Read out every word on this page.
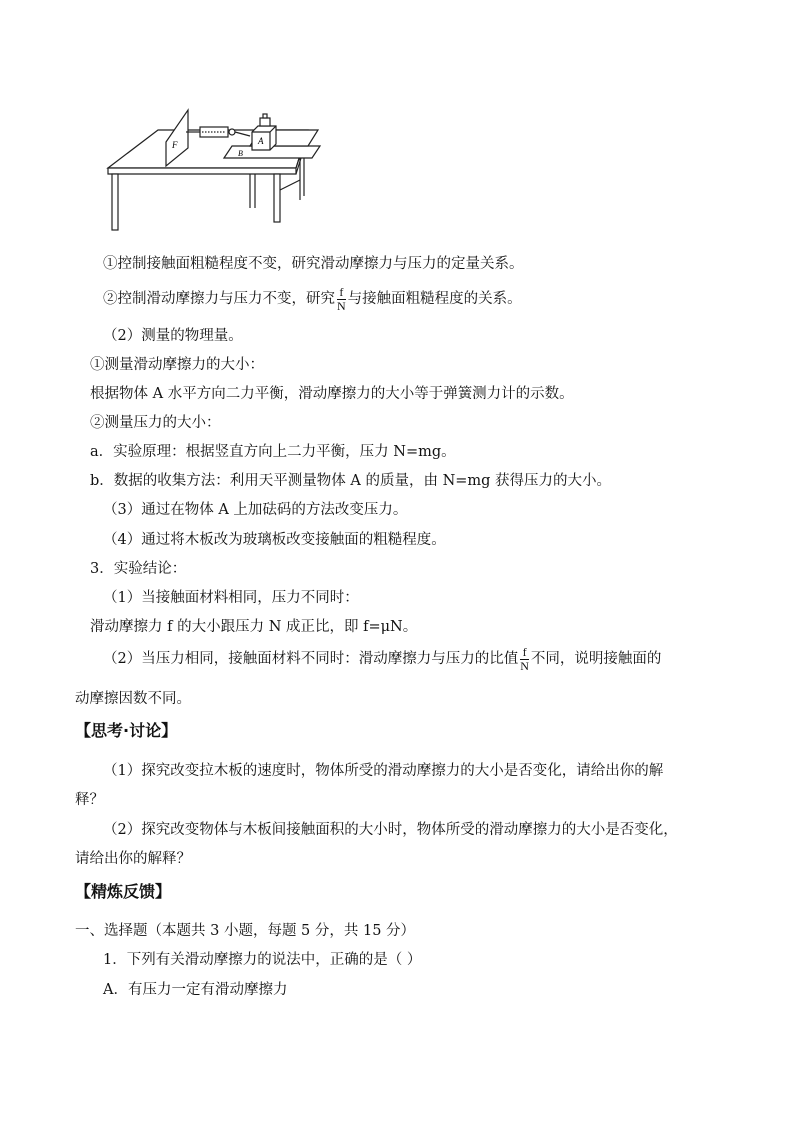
F	A
B
①控制接触面粗糙程度不变，研究滑动摩擦力与压力的定量关系。
②控制滑动摩擦力与压力不变，研究 $\frac{f}{N}$ 与接触面粗糙程度的关系。
（2）测量的物理量。
①测量滑动摩擦力的大小：
根据物体 A 水平方向二力平衡，滑动摩擦力的大小等于弹簧测力计的示数。
②测量压力的大小：
a．实验原理：根据竖直方向上二力平衡，压力 N=mg。
b．数据的收集方法：利用天平测量物体 A 的质量，由 N=mg 获得压力的大小。
（3）通过在物体 A 上加砝码的方法改变压力。
（4）通过将木板改为玻璃板改变接触面的粗糙程度。
3．实验结论：
（1）当接触面材料相同，压力不同时：
滑动摩擦力 f 的大小跟压力 N 成正比，即 f=μN。
（2）当压力相同，接触面材料不同时：滑动摩擦力与压力的比值 $\frac{f}{N}$ 不同，说明接触面的
动摩擦因数不同。
【思考·讨论】
（1）探究改变拉木板的速度时，物体所受的滑动摩擦力的大小是否变化，请给出你的解
释？
（2）探究改变物体与木板间接触面积的大小时，物体所受的滑动摩擦力的大小是否变化，
请给出你的解释？
【精炼反馈】
一、选择题（本题共 3 小题，每题 5 分，共 15 分）
1．下列有关滑动摩擦力的说法中，正确的是（ ）
A．有压力一定有滑动摩擦力
